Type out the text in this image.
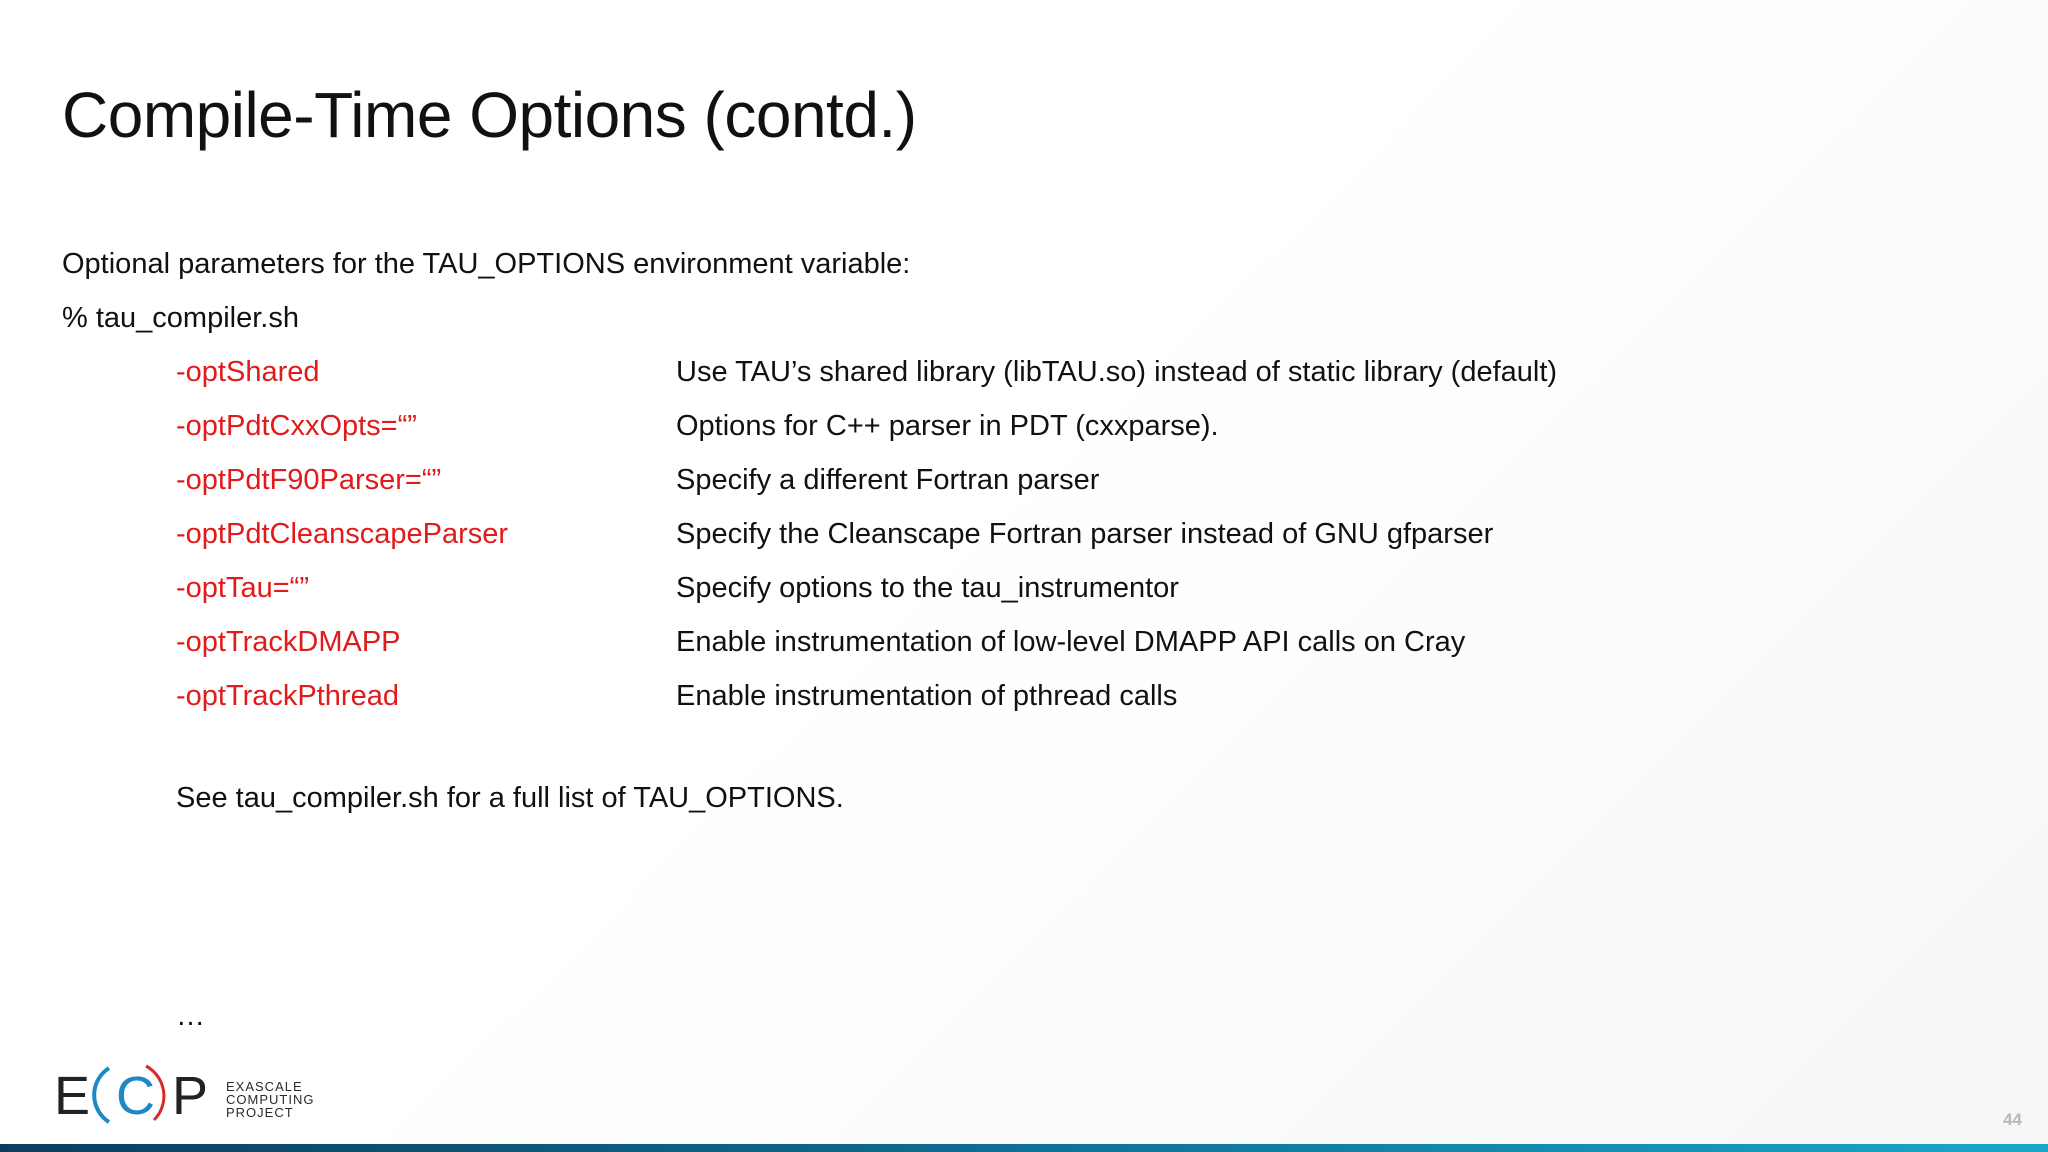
Compile-Time Options (contd.)
Optional parameters for the TAU_OPTIONS environment variable:
% tau_compiler.sh
-optShared	Use TAU’s shared library (libTAU.so) instead of static library (default)
-optPdtCxxOpts=“”	Options for C++ parser in PDT (cxxparse).
-optPdtF90Parser=“”	Specify a different Fortran parser
-optPdtCleanscapeParser	Specify the Cleanscape Fortran parser instead of GNU gfparser
-optTau=“”	Specify options to the tau_instrumentor
-optTrackDMAPP	Enable instrumentation of low-level DMAPP API calls on Cray
-optTrackPthread	Enable instrumentation of pthread calls
See tau_compiler.sh for a full list of TAU_OPTIONS.
…
E C P EXASCALE
COMPUTING
PROJECT	44
